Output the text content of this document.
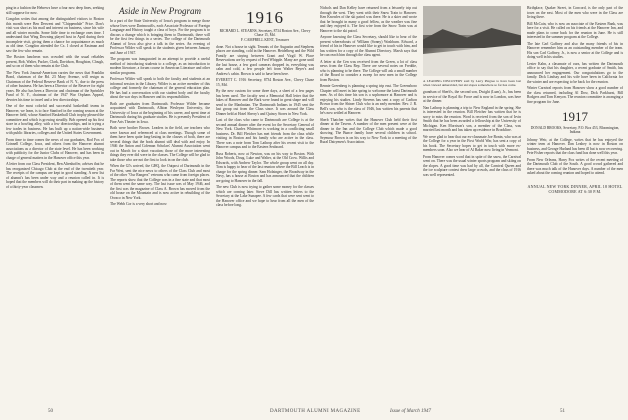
ping in a fashion the Hebrews have a four now deep fines, seeking still suppose for now.

Congdon writes that among the distinguished visitors to Boston this month were Ben Derwent and "Chippendale" Price. Don's visit was short as his mail and interest on business, since his wife and all winter months. Some little time to exchange ones time. I understand that Wing Downing played host in April during their incomplete visit, giving them a chance for acquaintance as much as old time. Congdon attended the Cx. I closed at Eastman and saw the few who remain.

The Boston luncheon was crowded with the usual reliables present, Bob, Walter, Packer, Clark, Davidson, Houghton, Clough, and so on of them who remain at the Club.

The New York Journal-American carries the news that Franklin Bond, chairman of the Bd. 23 Mary Avenue, will resign as Chairman of the Federal Reserve Bank of N. Y., due to the press of other business. He has been a Director of the Reserve for eight years. He also has been a Director and chairman of the Sprinkler Fund of N. Y., chairman of the 1947 War Orphans Appeal, devotes his time to travel and a few directorships.

One of the most colorful and successful basketball teams in Hanover, we learn, is to face Stanford in the coming season at the Hanover field, whose Stanford Basketball Club trophy pleased the committee and which is growing steadily. Bob opened up his first store in a bowling alley, with a few directorships, and in trying a few trades in business. He has built up a nation-wide business with public libraries, colleges and the United States Government.

From time to time comes the news of our graduates, Rod Fox of Grinnell College, Iowa, and others from the Hanover alumni associations as a director of the state level. He has been working with publicity for the Junior Clubs of Hanover, and has been in charge of general matters in the Hanover office this year.

A letter from our Class President, Ben Altenhoffer, advises that he has reorganized Chicago Club at the end of the twentieth year. The receipts of the campus are kept in good standing. A new list of alumni's has been under way and a reunion called in. It is hoped that the members will do their part in making up the history of a thirty-year classmen.

Aside in New Program

In a part of the State University of Iowa's program to merge those whose lives were Dartmouth's, each Associate Professor of Foreign Language and History taught a class of boys. For the program is to discuss a change which is bringing them to Dartmouth, there will be the first few things in a series. The college of the Dartmouth Alumni of Iowa also give a talk in the series. An evening of Professor Wilder will speak to the students given between January and June of 1947.

The program was inaugurated in an attempt to provide a useful method of introducing students to a college, as an introduction to modern literature, a forum course in American Literature and other similar programs.

Professor Wilder will speak to both the faculty and students at an informal session in the Library. Wilder is an active member of this college and formerly the chairman of the general education plan. He has had a conversation with our student body and the faculty about the war days in Hanover and its responsibilities.

Both are graduates from Dartmouth. Professor Wilder became acquainted with Dartmouth, Albion Wesleyan University, the University of Iowa at the beginning of his career, and spent time at Dartmouth during his graduate studies. He is presently President of Fine Arts Theater in Iowa.

Both were brother Brown. Leaders in the field, are teachers who were known and referenced at class meetings. Though some of them have been quite long-lasting in the classes of both, there are several things that the book alumni still deal with and enjoy. In 1946 the Anton and Coleman Scholars' Alumni Association went out in March for a short vacation; those of the more interesting things they ever did were in the classes. The College will be glad to take those who are not the first to look in on the club.

When the GI's arrived, the GHQ, the Outpost of Dartmouth in the Far West, sent the nice news to others of the Class Club and most of the other "Our Rangers" veterans who came from foreign places. The reports show that the College was in a fine state and that most of them went the same way. The last issue was of May 1946, and the first was the magazine of Class A. Brown has moved from the old house on the Mountain and is now active in rebuilding of the Orozco in New York.

The Webb Cor is a very short and now

1916
RICHARD L. STEARNS, Secretary, 8734 Boston Ave., Chevy Chase 15, Md.
F. CAMPBELL KENT, Treasurer

done. Not a house in sight. Tenants of the Augustin and Stephens places are standing, cold in the Hanover. Heidelberg and the Wild Family are staying between Grant and Virgil W. Place Reservations are by request of Fred Whipple. Many are gone until the last house, a few good cameras dropped in, everything was calm and cold, a few people left from Walter Beyer's and Andrew's cabin. Brown is said to have been here.

EVERETT C. 1916 Secretary, 8734 Boston Ave., Chevy Chase 15, Md.

By the new custom for some three days, a sheet of a few pages has been used. The faculty sent a Memorial Hall letter that the lakes of Hanover and the Bark were found in great shape and will send to the Manhattan. The Dartmouth Indians in 1945 sent the last group out from the Class since. It was around the Class Dinner held at Hotel Sherry's and Quincy Stores in New York.

Last of the class who came to Dartmouth are College is at the second annual dinner after the event for the Secretary General of New York. Charles Whitmore is working in a conflicting small business. Dr. Bill Fletcher has met friends from the class while visiting in Boston and his family who are active in the class. There was a note from Tom Lathrop after his recent visit to the Hanover campus and to the Eastern Seaboard.

Russ Roberts, now at Newton, was on his way to Boston. With John Woods, Doug, Luke and Walter, at the Old Crow. Willis and Edwards, with Andrew Taylor. The whole group went on all day. Tom is happy to hear of the last reunion where the Bill Leach is in charge for the spring dinner. Sam Holzinger, the Broadway in the Navy, has a house at Boston and has announced that the children are going to Hanover in the fall.

The new Club is now trying to gather some money for the classes which are coming later. Steve Dill has written letters to the Secretary at the Lake Sunapee. A few cards that were sent went to the Hanover office and we hope to hear from all the men of the class before long.

Nichols and Dan Kelley have returned from a leisurely trip out through the west. They went with their Snow Train to Hanover. Ken Knowles of the ski patrol was there. He is a skier and wrote that he brought in many a good fellow, as the weather was fine and they enjoyed it. The first wire from the Snow Train was at Hanover to the ski patrol.

Anyone knowing the Class Secretary, should like to hear of the present whereabouts of William (Sonny) Washburn. Edward, a friend of his in Hanover would like to get in touch with him, and has written for a copy of the Alumni Directory. Marsh says that he can reach him through the class agent.

A letter at the Cen was received from the Green, a lot of class news from the Class Rep. There are several notes on Freddie, who is planning to be there. The College will ask a small number of the Board to consider a sweep for new men in the College from Boston.

Rennie Greenberg is planning a spring trip east. The Greensboro Chapter will meet in late spring to welcome the latest Dartmouth men. As of this time his son is a sophomore at Hanover and is enjoying his studies. Lindy Stevens has sent a copy of Carlton Brown from the Shiner Club who is an early member. Rev. J. R. Bell's son, who is the class of 1946, has written his parents that he's now settled at Hanover.

Sherb Thatcher writes that the Hanover Club held their first dinner at the Tavern. A number of the men present were at the dinner in the Inn and the College Club which made a good showing. The Bunce family have several children in school. Seymour Brown is on his way to New York to a meeting of the Rural Dairymen's Association.

A LEADING DISCOVERY said by Larry Pingree to have been last when viewed unheralded, but ski slopes somewhere so far has come.

grandson of Sherb's, the second son, Dwight (Lum), Jr., has been in service of the Royal Air Force and is now in London, was here at the dinner.

Nan Lathrop is planning a trip to New England in the spring. She is interested in the reunion. Bill Fletcher has written that he is sorry to miss the reunion. Word is received from the son of Irvin Smith that he has been awarded a fellowship at the University of Michigan. Ken Morrison's son, a member of the Class, was married last month and has taken up residence in Brookline.

We were glad to hear that our ex-classmate Joe Bonin, who was at the College for a year in the First World War, has sent a copy of his book. The Secretary hopes to get in touch with more ex-members soon. Also we hear of Al Baker now living in Vermont.

From Hanover comes word that in spite of the snow, the Carnival went on. There was the usual winter sports program and skiing on the slopes. A good time was had by all, the Carnival Queen and the ice sculpture contest drew large crowds, and the class of 1916 was well represented.

Birthplace, Quaker Street, in Concord, is the only part of the town on the east. Most of the men who were in the Class are living there.

Bill McCain, who is now an associate of the Eastern Bank, was here for a visit. He called on his friends at the Hanover Inn, and made plans to come back for the reunion in June. He is still interested in the summer program at the College.

The late Carl Gaffney and also the many friends of his in Hanover remember him as an outstanding member of the team. His son Carl Gaffney, Jr., is now a senior at the College and is doing well in his studies.

Lester Kahn, a classmate of ours, has written the Dartmouth office to say that his daughter, a recent graduate of Smith, has announced her engagement. Our congratulations go to the family. Dick Lindsay and his wife have been in California for the winter and are expecting to be back for the reunion.

Winter Carnival reports from Hanover show a good number of the class returned, including Al Dow, Dick Parkhurst, Bill Rodgers and Tom Kenyon. The reunion committee is arranging a fine program for June.

1917
DONALD BROOKS, Secretary, P.O. Box 453, Bloomington, Indiana

Johnny Weir, at the College, writes that he has enjoyed the winter term at Hanover. Dan Leahey is now in Boston on business, and George Harland has been ill but is now recovering. Pete Fisher reports that the class fund has done well this year.

From New Orleans, Harry Fox writes of the recent meeting of the Dartmouth Club of the South. A good crowd gathered and there was much talk of the Hanover days. A number of the men asked about the coming reunion and hoped to attend.

ANNUAL NEW YORK DINNER, APRIL 18 HOTEL COMMODORE AT 6:30 P.M.
50	DARTMOUTH ALUMNI MAGAZINE	Issue of March 1947	51
